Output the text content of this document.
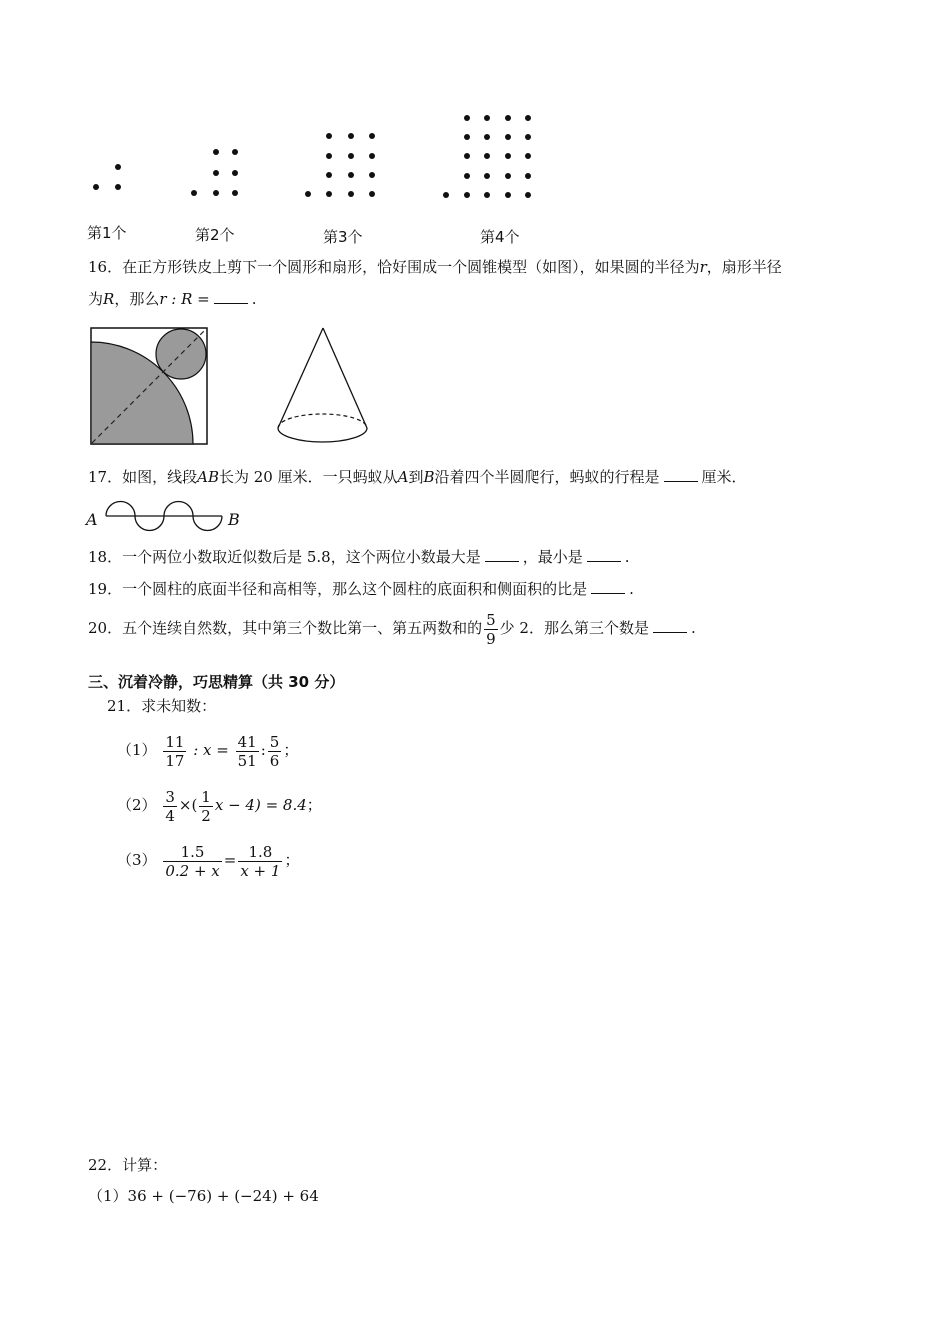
第1个	第2个	第3个	第4个
16．在正方形铁皮上剪下一个圆形和扇形，恰好围成一个圆锥模型（如图），如果圆的半径为r，扇形半径
为R，那么r : R =	.
17．如图，线段AB长为 20 厘米．一只蚂蚁从A到B沿着四个半圆爬行，蚂蚁的行程是	厘米．
A	B
18．一个两位小数取近似数后是 5.8，这个两位小数最大是	，最小是	.
19．一个圆柱的底面半径和高相等，那么这个圆柱的底面积和侧面积的比是	.
20．五个连续自然数，其中第三个数比第一、第五两数和的 $\frac{5}{9}$ 少 2．那么第三个数是	.
三、沉着冷静，巧思精算（共 30 分）
21．求未知数：
$(1) \frac{11}{17}$ : $x = \frac{41}{51}$ : $\frac{5}{6}$ ；
$(2) \frac{3}{4}$ ×( $\frac{1}{2}$ x − 4) = 8.4；
$(3) \frac{1.5}{0.2 + x} = \frac{1.8}{x + 1}$ ；
22．计算：
（1）36 + (−76) + (−24) + 64
